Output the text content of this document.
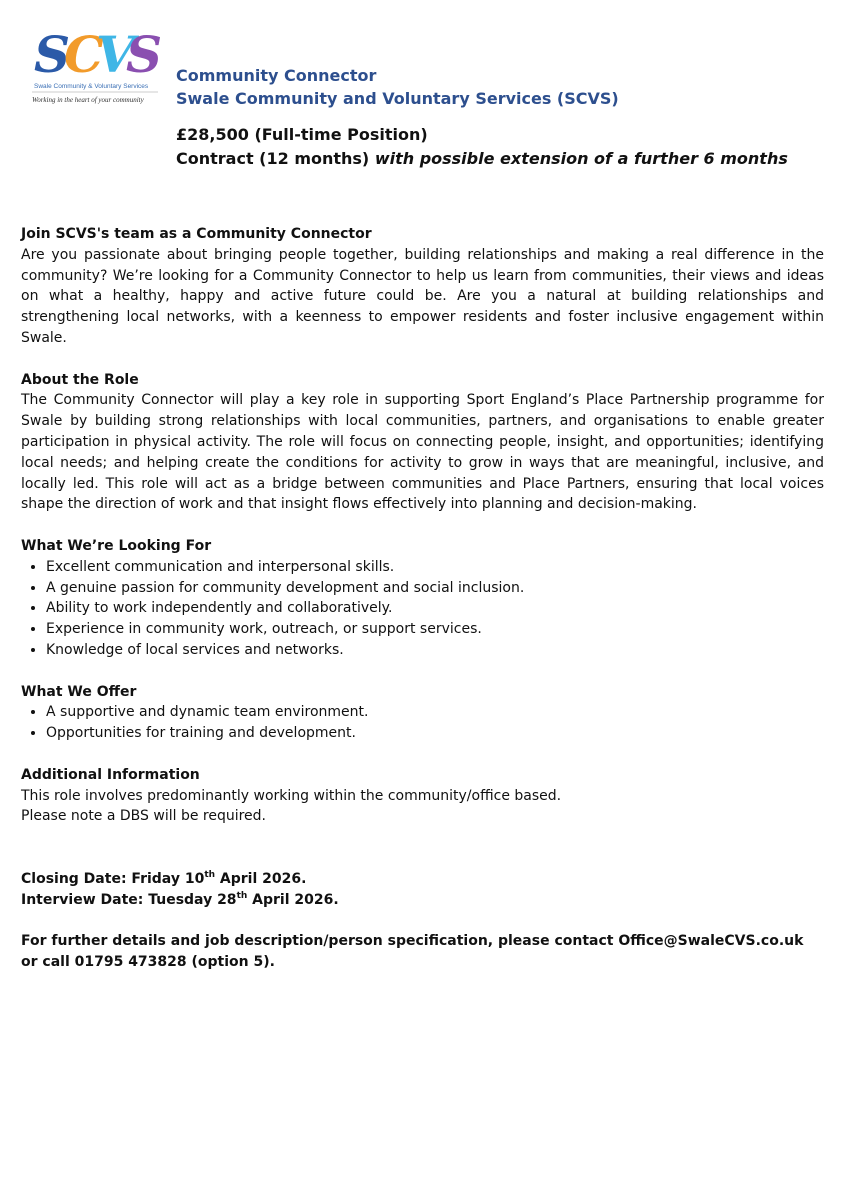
S
C
V
S
Swale Community & Voluntary Services
Working in the heart of your community
Community Connector
Swale Community and Voluntary Services (SCVS)
£28,500 (Full-time Position)
Contract (12 months) with possible extension of a further 6 months

Join SCVS's team as a Community Connector

Are you passionate about bringing people together, building relationships and making a real difference in the community? We’re looking for a Community Connector to help us learn from communities, their views and ideas on what a healthy, happy and active future could be. Are you a natural at building relationships and strengthening local networks, with a keenness to empower residents and foster inclusive engagement within Swale.

About the Role

The Community Connector will play a key role in supporting Sport England’s Place Partnership programme for Swale by building strong relationships with local communities, partners, and organisations to enable greater participation in physical activity. The role will focus on connecting people, insight, and opportunities; identifying local needs; and helping create the conditions for activity to grow in ways that are meaningful, inclusive, and locally led. This role will act as a bridge between communities and Place Partners, ensuring that local voices shape the direction of work and that insight flows effectively into planning and decision-making.

What We’re Looking For

• Excellent communication and interpersonal skills.
• A genuine passion for community development and social inclusion.
• Ability to work independently and collaboratively.
• Experience in community work, outreach, or support services.
• Knowledge of local services and networks.

What We Offer

• A supportive and dynamic team environment.
• Opportunities for training and development.

Additional Information

This role involves predominantly working within the community/office based.

Please note a DBS will be required.

Closing Date: Friday 10th April 2026.

Interview Date: Tuesday 28th April 2026.

For further details and job description/person specification, please contact Office@SwaleCVS.co.uk

or call 01795 473828 (option 5).
